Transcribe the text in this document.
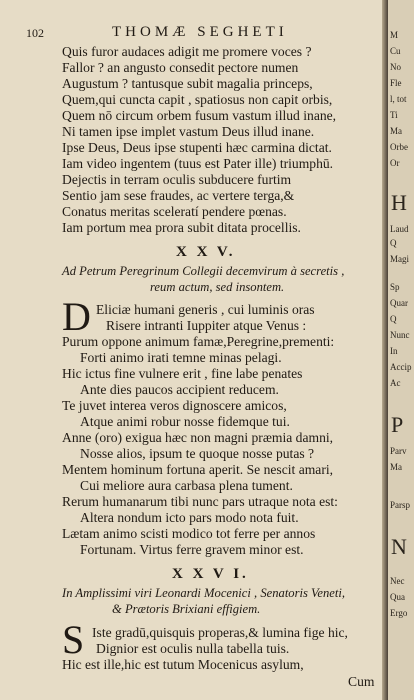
102	THOMÆ SEGHETI
Quis furor audaces adigit me promere voces ?
Fallor ? an angusto consedit pectore numen
Augustum ? tantusque subit magalia princeps,
Quem,qui cuncta capit , spatiosus non capit orbis,
Quem nō circum orbem fusum vastum illud inane,
Ni tamen ipse implet vastum Deus illud inane.
Ipse Deus, Deus ipse stupenti hæc carmina dictat.
Iam video ingentem (tuus est Pater ille) triumphū.
Dejectis in terram oculis subducere furtim
Sentio jam sese fraudes, ac vertere terga,&
Conatus meritas sceleratí pendere pœnas.
Iam portum mea prora subit ditata procellis.
X X V.
Ad Petrum Peregrinum Collegii decemvirum à secretis ,
reum actum, sed insontem.
D Eliciæ humani generis , cui luminis oras
Risere intranti Iuppiter atque Venus :
Purum oppone animum famæ,Peregrine,prementi:
Forti animo irati temne minas pelagi.
Hic ictus fine vulnere erit , fine labe penates
Ante dies paucos accipient reducem.
Te juvet interea veros dignoscere amicos,
Atque animi robur nosse fidemque tui.
Anne (oro) exigua hæc non magni præmia damni,
Nosse alios, ipsum te quoque nosse putas ?
Mentem hominum fortuna aperit. Se nescit amari,
Cui meliore aura carbasa plena tument.
Rerum humanarum tibi nunc pars utraque nota est:
Altera nondum icto pars modo nota fuit.
Lætam animo scisti modico tot ferre per annos
Fortunam. Virtus ferre gravem minor est.
X X V I.
In Amplissimi viri Leonardi Mocenici , Senatoris Veneti,
& Prætoris Brixiani effigiem.
S Iste gradū,quisquis properas,& lumina fige hic,
Dignior est oculis nulla tabella tuis.
Hic est ille,hic est tutum Mocenicus asylum,
Cum
M
Cu
No
Fle
l, tot
Ti
Ma
Orbe
Or
H
Laud
Q
Magi
Sp
Quar
Q
Nunc
In
Accip
Ac
P
Parv
Ma
Parsp
N
Nec
Qua
Ergo
